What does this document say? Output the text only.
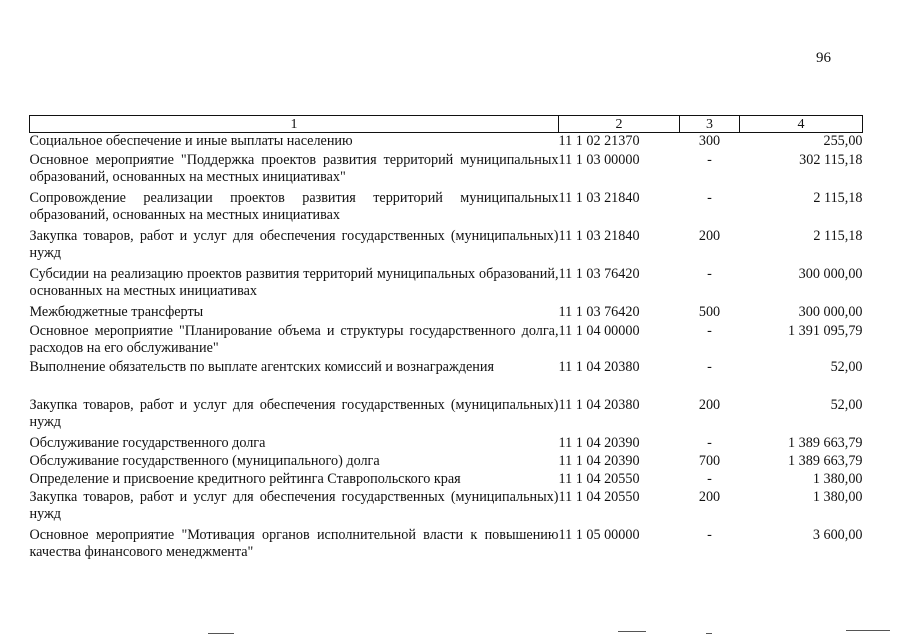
96
1	2	3	4
Социальное обеспечение и иные выплаты населению	11 1 02 21370	300	255,00
Основное мероприятие "Поддержка проектов развития территорий муниципальных образований, основанных на местных инициативах"	11 1 03 00000	-	302 115,18
Сопровождение реализации проектов развития территорий муниципальных образований, основанных на местных инициативах	11 1 03 21840	-	2 115,18
Закупка товаров, работ и услуг для обеспечения государственных (муниципальных) нужд	11 1 03 21840	200	2 115,18
Субсидии на реализацию проектов развития территорий муниципальных образований, основанных на местных инициативах	11 1 03 76420	-	300 000,00
Межбюджетные трансферты	11 1 03 76420	500	300 000,00
Основное мероприятие "Планирование объема и структуры государственного долга, расходов на его обслуживание"	11 1 04 00000	-	1 391 095,79
Выполнение обязательств по выплате агентских комиссий и вознаграждения	11 1 04 20380	-	52,00
Закупка товаров, работ и услуг для обеспечения государственных (муниципальных) нужд	11 1 04 20380	200	52,00
Обслуживание государственного долга	11 1 04 20390	-	1 389 663,79
Обслуживание государственного (муниципального) долга	11 1 04 20390	700	1 389 663,79
Определение и присвоение кредитного рейтинга Ставропольского края	11 1 04 20550	-	1 380,00
Закупка товаров, работ и услуг для обеспечения государственных (муниципальных) нужд	11 1 04 20550	200	1 380,00
Основное мероприятие "Мотивация органов исполнительной власти к повышению качества финансового менеджмента"	11 1 05 00000	-	3 600,00
